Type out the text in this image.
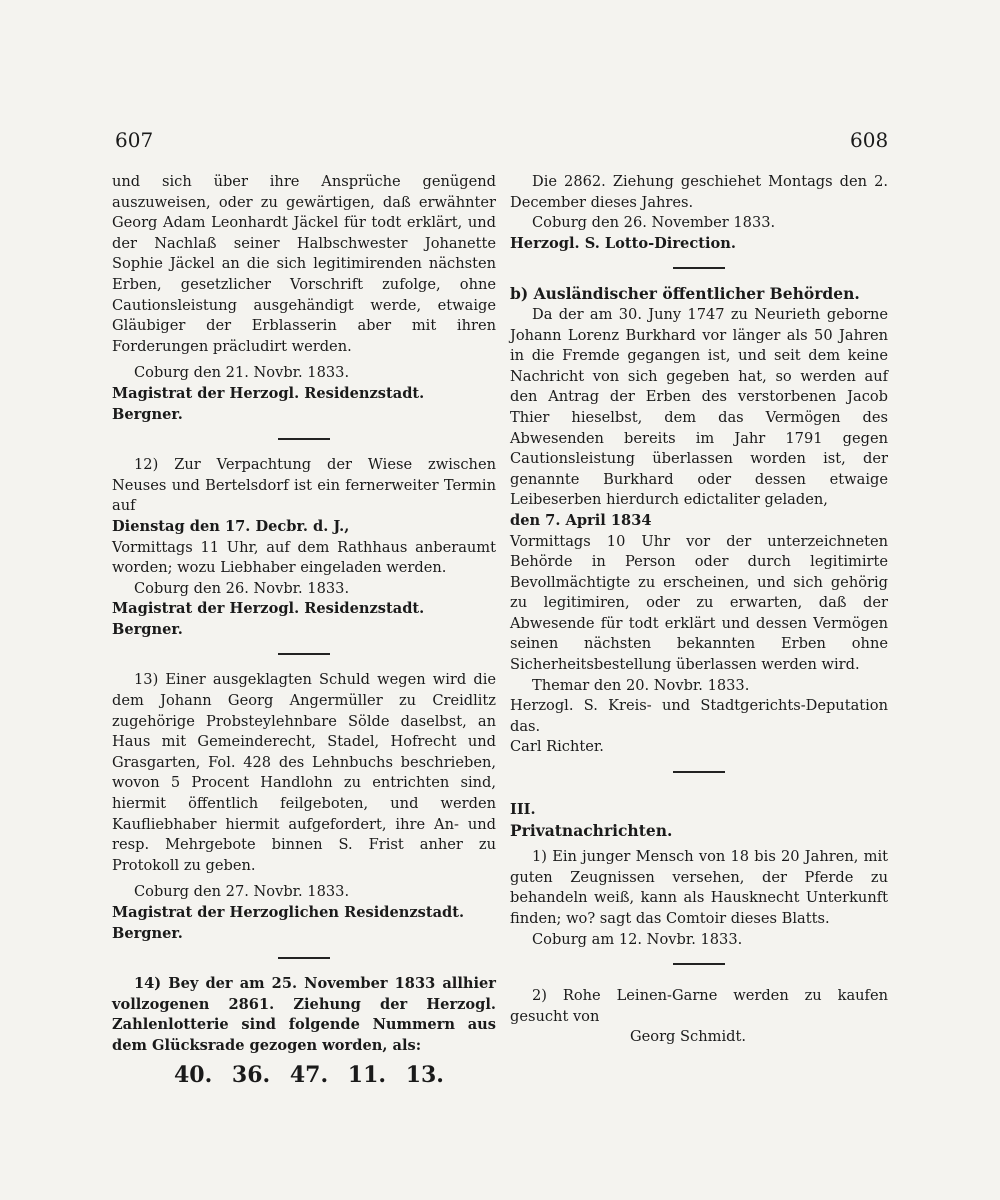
607	608

und sich über ihre Ansprüche genügend auszuweisen, oder zu gewärtigen, daß erwähnter Georg Adam Leonhardt Jäckel für todt erklärt, und der Nachlaß seiner Halbschwester Johanette Sophie Jäckel an die sich legitimirenden nächsten Erben, gesetzlicher Vorschrift zufolge, ohne Cautionsleistung ausgehändigt werde, etwaige Gläubiger der Erblasserin aber mit ihren Forderungen präcludirt werden.

Coburg den 21. Novbr. 1833.

Magistrat der Herzogl. Residenzstadt.

Bergner.

12) Zur Verpachtung der Wiese zwischen Neuses und Bertelsdorf ist ein fernerweiter Termin auf

Dienstag den 17. Decbr. d. J.,

Vormittags 11 Uhr, auf dem Rathhaus anberaumt worden; wozu Liebhaber eingeladen werden.

Coburg den 26. Novbr. 1833.

Magistrat der Herzogl. Residenzstadt.

Bergner.

13) Einer ausgeklagten Schuld wegen wird die dem Johann Georg Angermüller zu Creidlitz zugehörige Probsteylehnbare Sölde daselbst, an Haus mit Gemeinderecht, Stadel, Hofrecht und Grasgarten, Fol. 428 des Lehnbuchs beschrieben, wovon 5 Procent Handlohn zu entrichten sind, hiermit öffentlich feilgeboten, und werden Kaufliebhaber hiermit aufgefordert, ihre An- und resp. Mehrgebote binnen S. Frist anher zu Protokoll zu geben.

Coburg den 27. Novbr. 1833.

Magistrat der Herzoglichen Residenzstadt.

Bergner.

14) Bey der am 25. November 1833 allhier vollzogenen 2861. Ziehung der Herzogl. Zahlenlotterie sind folgende Nummern aus dem Glücksrade gezogen worden, als:

40. 36. 47. 11. 13.

Die 2862. Ziehung geschiehet Montags den 2. December dieses Jahres.

Coburg den 26. November 1833.

Herzogl. S. Lotto-Direction.

b) Ausländischer öffentlicher Behörden.

Da der am 30. Juny 1747 zu Neurieth geborne Johann Lorenz Burkhard vor länger als 50 Jahren in die Fremde gegangen ist, und seit dem keine Nachricht von sich gegeben hat, so werden auf den Antrag der Erben des verstorbenen Jacob Thier hieselbst, dem das Vermögen des Abwesenden bereits im Jahr 1791 gegen Cautionsleistung überlassen worden ist, der genannte Burkhard oder dessen etwaige Leibeserben hierdurch edictaliter geladen,

den 7. April 1834

Vormittags 10 Uhr vor der unterzeichneten Behörde in Person oder durch legitimirte Bevollmächtigte zu erscheinen, und sich gehörig zu legitimiren, oder zu erwarten, daß der Abwesende für todt erklärt und dessen Vermögen seinen nächsten bekannten Erben ohne Sicherheitsbestellung überlassen werden wird.

Themar den 20. Novbr. 1833.

Herzogl. S. Kreis- und Stadtgerichts-Deputation das.

Carl Richter.

III.

Privatnachrichten.

1) Ein junger Mensch von 18 bis 20 Jahren, mit guten Zeugnissen versehen, der Pferde zu behandeln weiß, kann als Hausknecht Unterkunft finden; wo? sagt das Comtoir dieses Blatts.

Coburg am 12. Novbr. 1833.

2) Rohe Leinen-Garne werden zu kaufen gesucht von

Georg Schmidt.
